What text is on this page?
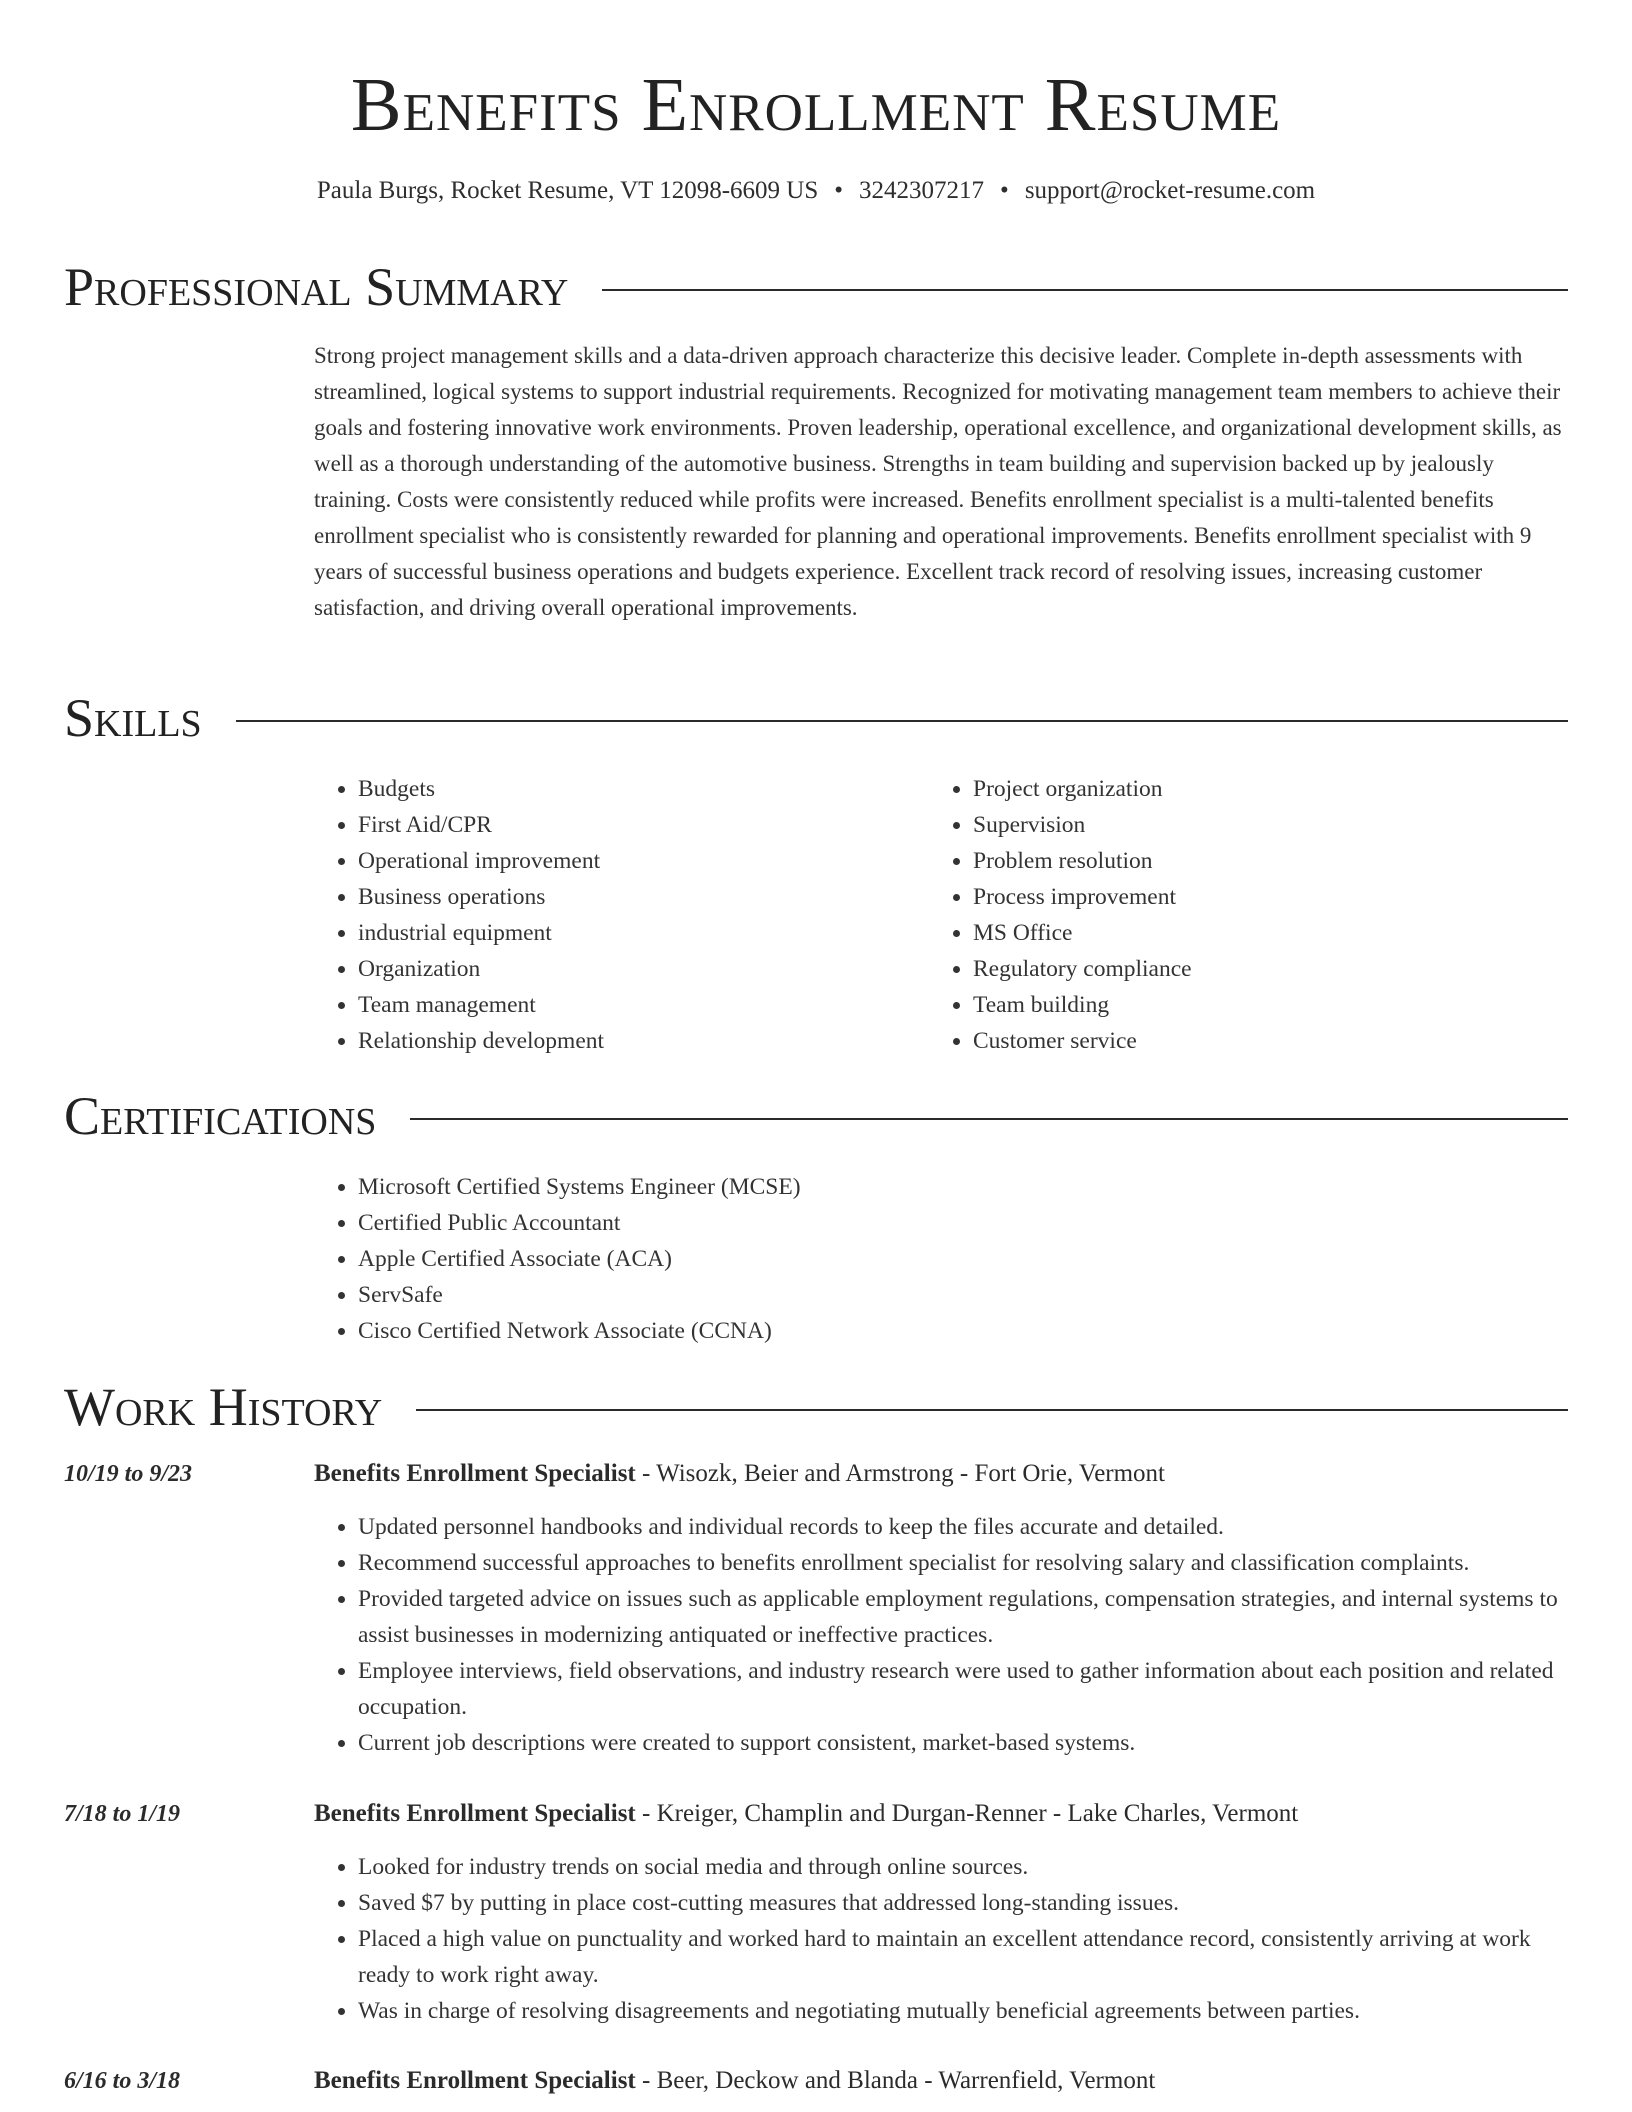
Benefits Enrollment Resume
Paula Burgs, Rocket Resume, VT 12098-6609 US • 3242307217 • support@rocket-resume.com
Professional Summary
Strong project management skills and a data-driven approach characterize this decisive leader. Complete in-depth assessments with streamlined, logical systems to support industrial requirements. Recognized for motivating management team members to achieve their goals and fostering innovative work environments. Proven leadership, operational excellence, and organizational development skills, as well as a thorough understanding of the automotive business. Strengths in team building and supervision backed up by jealously training. Costs were consistently reduced while profits were increased. Benefits enrollment specialist is a multi-talented benefits enrollment specialist who is consistently rewarded for planning and operational improvements. Benefits enrollment specialist with 9 years of successful business operations and budgets experience. Excellent track record of resolving issues, increasing customer satisfaction, and driving overall operational improvements.
Skills
• Budgets
• First Aid/CPR
• Operational improvement
• Business operations
• industrial equipment
• Organization
• Team management
• Relationship development
• Project organization
• Supervision
• Problem resolution
• Process improvement
• MS Office
• Regulatory compliance
• Team building
• Customer service
Certifications
• Microsoft Certified Systems Engineer (MCSE)
• Certified Public Accountant
• Apple Certified Associate (ACA)
• ServSafe
• Cisco Certified Network Associate (CCNA)
Work History
10/19 to 9/23	Benefits Enrollment Specialist - Wisozk, Beier and Armstrong - Fort Orie, Vermont
• Updated personnel handbooks and individual records to keep the files accurate and detailed.
• Recommend successful approaches to benefits enrollment specialist for resolving salary and classification complaints.
• Provided targeted advice on issues such as applicable employment regulations, compensation strategies, and internal systems to assist businesses in modernizing antiquated or ineffective practices.
• Employee interviews, field observations, and industry research were used to gather information about each position and related occupation.
• Current job descriptions were created to support consistent, market-based systems.
7/18 to 1/19	Benefits Enrollment Specialist - Kreiger, Champlin and Durgan-Renner - Lake Charles, Vermont
• Looked for industry trends on social media and through online sources.
• Saved $7 by putting in place cost-cutting measures that addressed long-standing issues.
• Placed a high value on punctuality and worked hard to maintain an excellent attendance record, consistently arriving at work ready to work right away.
• Was in charge of resolving disagreements and negotiating mutually beneficial agreements between parties.
6/16 to 3/18	Benefits Enrollment Specialist - Beer, Deckow and Blanda - Warrenfield, Vermont
